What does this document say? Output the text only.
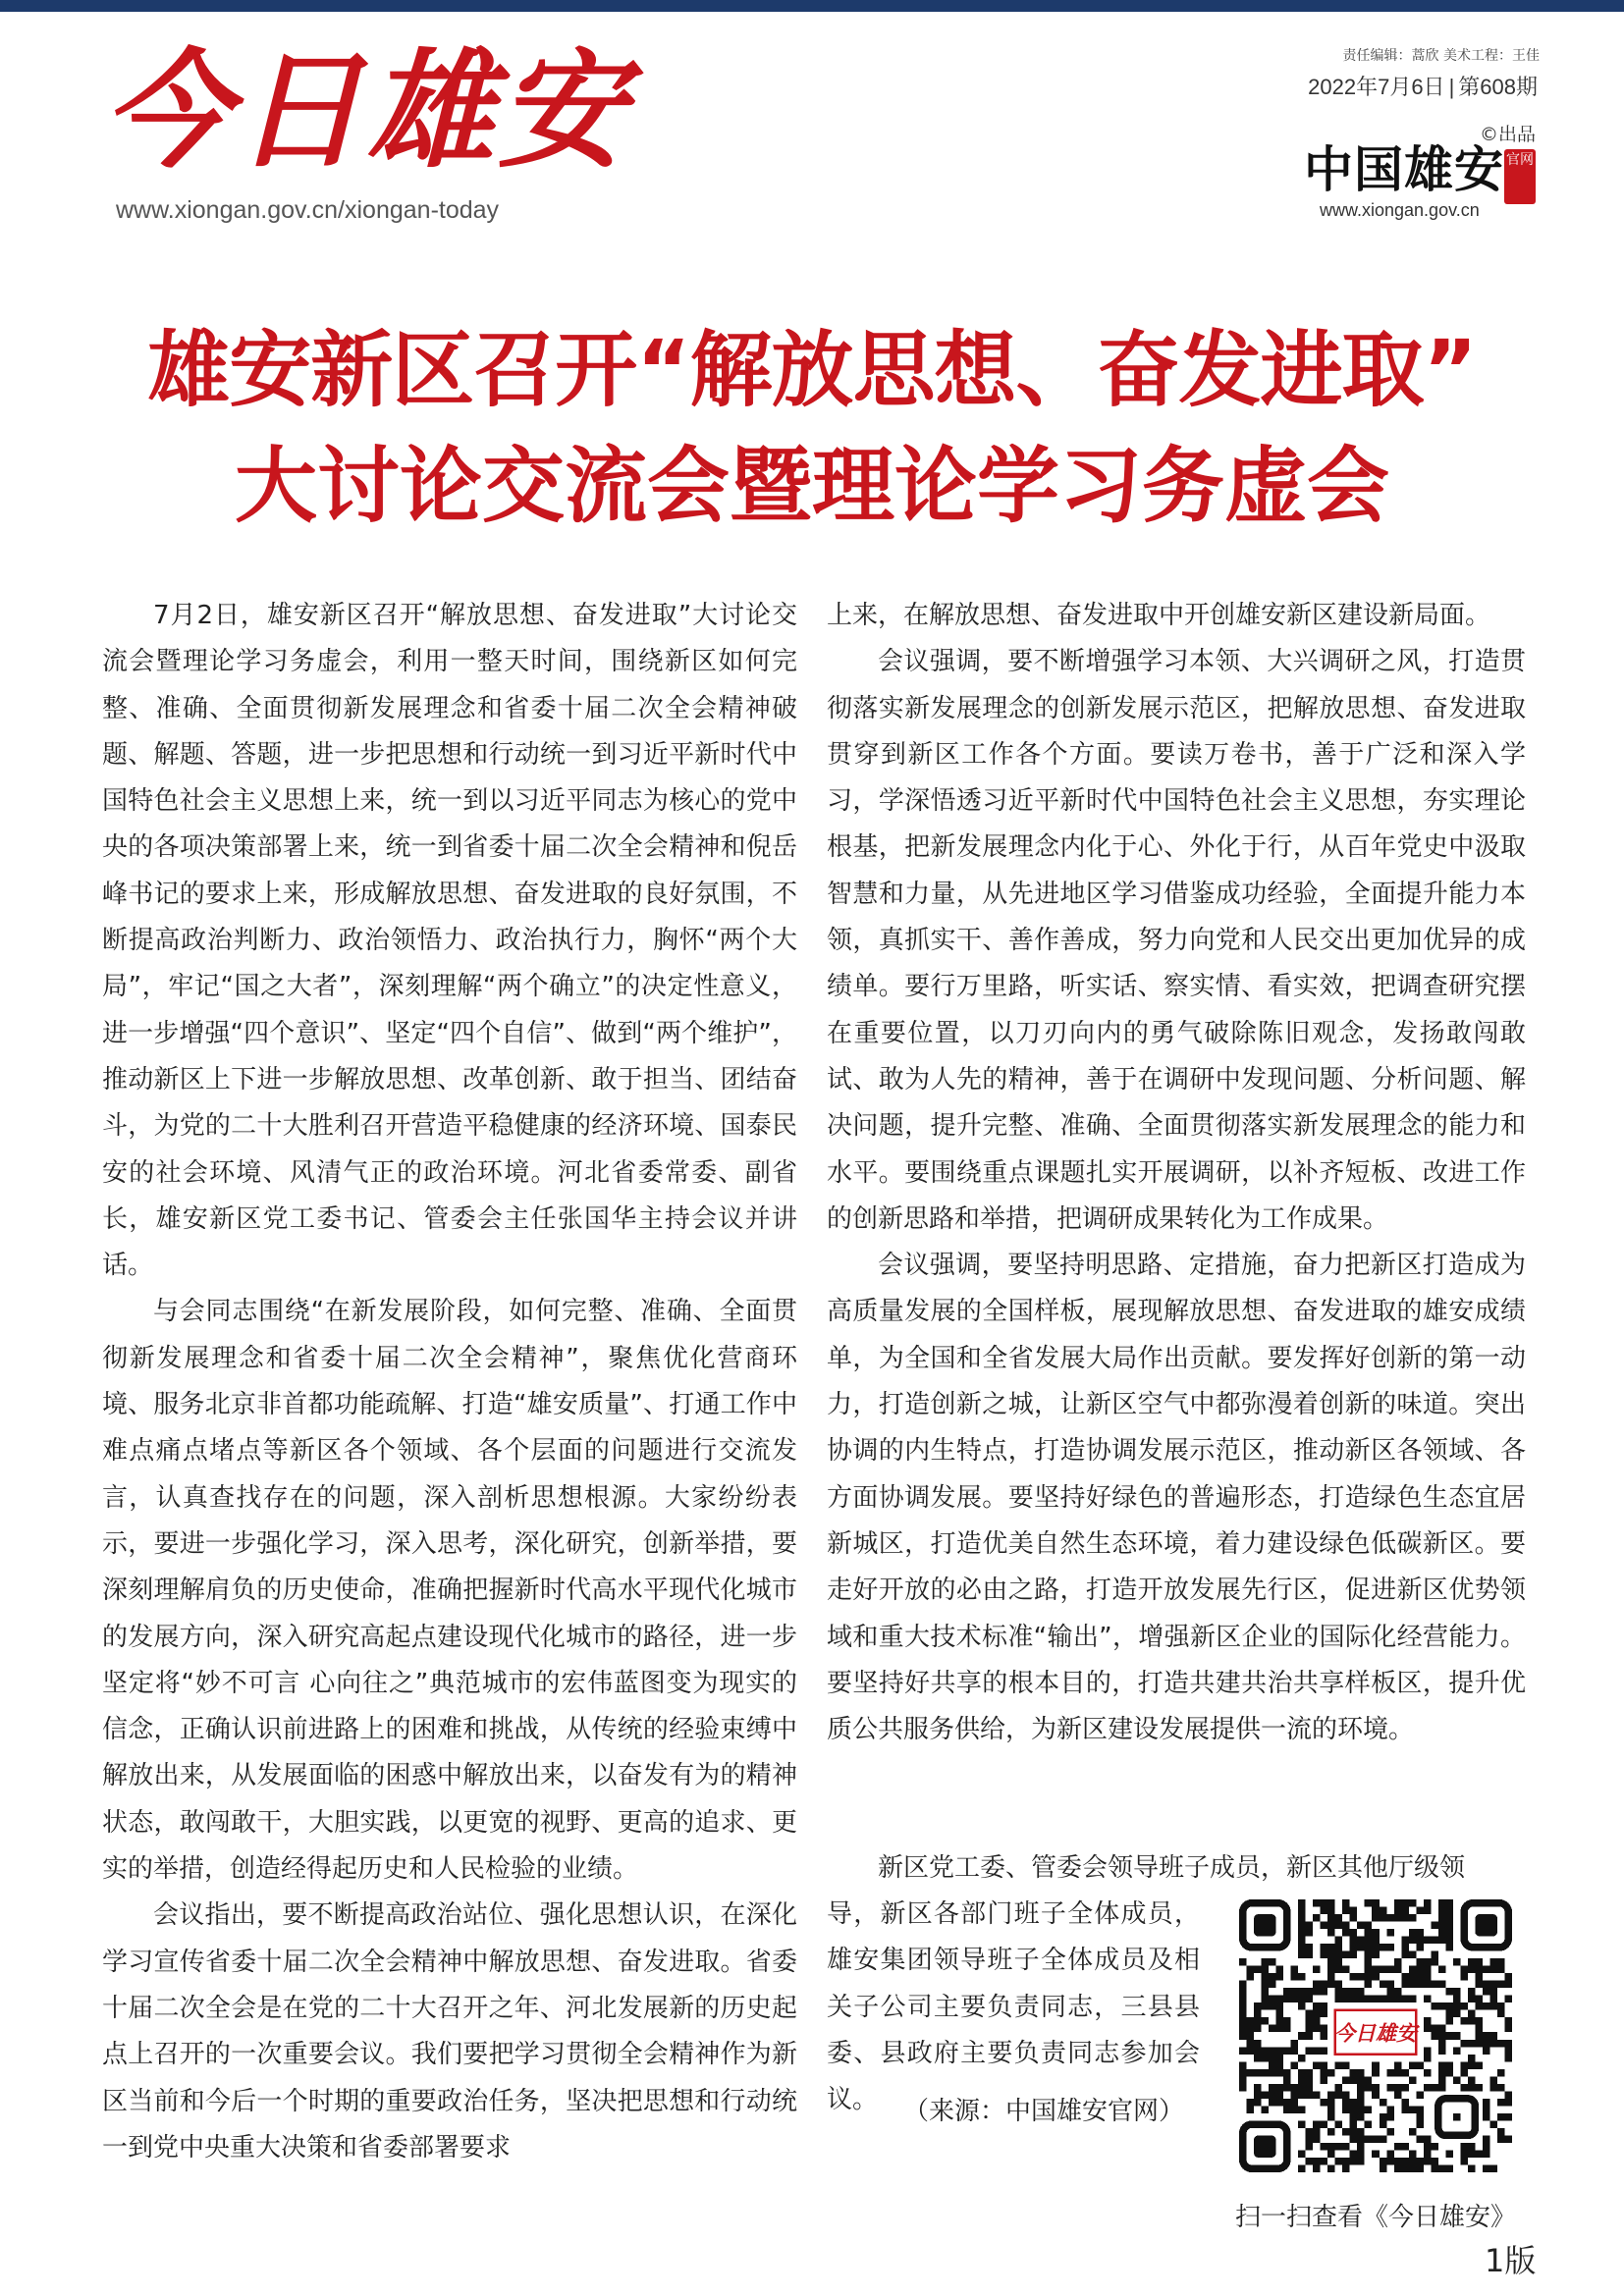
今日雄安
www.xiongan.gov.cn/xiongan-today
责任编辑：蒿欣 美术工程：王佳
2022年7月6日 | 第608期
©出品
中国雄安 官网
www.xiongan.gov.cn
雄安新区召开“解放思想、奋发进取”
大讨论交流会暨理论学习务虚会

7月2日，雄安新区召开“解放思想、奋发进取”大讨论交流会暨理论学习务虚会，利用一整天时间，围绕新区如何完整、准确、全面贯彻新发展理念和省委十届二次全会精神破题、解题、答题，进一步把思想和行动统一到习近平新时代中国特色社会主义思想上来，统一到以习近平同志为核心的党中央的各项决策部署上来，统一到省委十届二次全会精神和倪岳峰书记的要求上来，形成解放思想、奋发进取的良好氛围，不断提高政治判断力、政治领悟力、政治执行力，胸怀“两个大局”，牢记“国之大者”，深刻理解“两个确立”的决定性意义，进一步增强“四个意识”、坚定“四个自信”、做到“两个维护”，推动新区上下进一步解放思想、改革创新、敢于担当、团结奋斗，为党的二十大胜利召开营造平稳健康的经济环境、国泰民安的社会环境、风清气正的政治环境。河北省委常委、副省长，雄安新区党工委书记、管委会主任张国华主持会议并讲话。

与会同志围绕“在新发展阶段，如何完整、准确、全面贯彻新发展理念和省委十届二次全会精神”，聚焦优化营商环境、服务北京非首都功能疏解、打造“雄安质量”、打通工作中难点痛点堵点等新区各个领域、各个层面的问题进行交流发言，认真查找存在的问题，深入剖析思想根源。大家纷纷表示，要进一步强化学习，深入思考，深化研究，创新举措，要深刻理解肩负的历史使命，准确把握新时代高水平现代化城市的发展方向，深入研究高起点建设现代化城市的路径，进一步坚定将“妙不可言 心向往之”典范城市的宏伟蓝图变为现实的信念，正确认识前进路上的困难和挑战，从传统的经验束缚中解放出来，从发展面临的困惑中解放出来，以奋发有为的精神状态，敢闯敢干，大胆实践，以更宽的视野、更高的追求、更实的举措，创造经得起历史和人民检验的业绩。

会议指出，要不断提高政治站位、强化思想认识，在深化学习宣传省委十届二次全会精神中解放思想、奋发进取。省委十届二次全会是在党的二十大召开之年、河北发展新的历史起点上召开的一次重要会议。我们要把学习贯彻全会精神作为新区当前和今后一个时期的重要政治任务，坚决把思想和行动统一到党中央重大决策和省委部署要求

上来，在解放思想、奋发进取中开创雄安新区建设新局面。

会议强调，要不断增强学习本领、大兴调研之风，打造贯彻落实新发展理念的创新发展示范区，把解放思想、奋发进取贯穿到新区工作各个方面。要读万卷书，善于广泛和深入学习，学深悟透习近平新时代中国特色社会主义思想，夯实理论根基，把新发展理念内化于心、外化于行，从百年党史中汲取智慧和力量，从先进地区学习借鉴成功经验，全面提升能力本领，真抓实干、善作善成，努力向党和人民交出更加优异的成绩单。要行万里路，听实话、察实情、看实效，把调查研究摆在重要位置，以刀刃向内的勇气破除陈旧观念，发扬敢闯敢试、敢为人先的精神，善于在调研中发现问题、分析问题、解决问题，提升完整、准确、全面贯彻落实新发展理念的能力和水平。要围绕重点课题扎实开展调研，以补齐短板、改进工作的创新思路和举措，把调研成果转化为工作成果。

会议强调，要坚持明思路、定措施，奋力把新区打造成为高质量发展的全国样板，展现解放思想、奋发进取的雄安成绩单，为全国和全省发展大局作出贡献。要发挥好创新的第一动力，打造创新之城，让新区空气中都弥漫着创新的味道。突出协调的内生特点，打造协调发展示范区，推动新区各领域、各方面协调发展。要坚持好绿色的普遍形态，打造绿色生态宜居新城区，打造优美自然生态环境，着力建设绿色低碳新区。要走好开放的必由之路，打造开放发展先行区，促进新区优势领域和重大技术标准“输出”，增强新区企业的国际化经营能力。要坚持好共享的根本目的，打造共建共治共享样板区，提升优质公共服务供给，为新区建设发展提供一流的环境。

新区党工委、管委会领导班子成员，新区其他厅级领
导，新区各部门班子全体成员，雄安集团领导班子全体成员及相关子公司主要负责同志，三县县委、县政府主要负责同志参加会议。 （来源：中国雄安官网）
今日雄安
扫一扫查看《今日雄安》
1版
